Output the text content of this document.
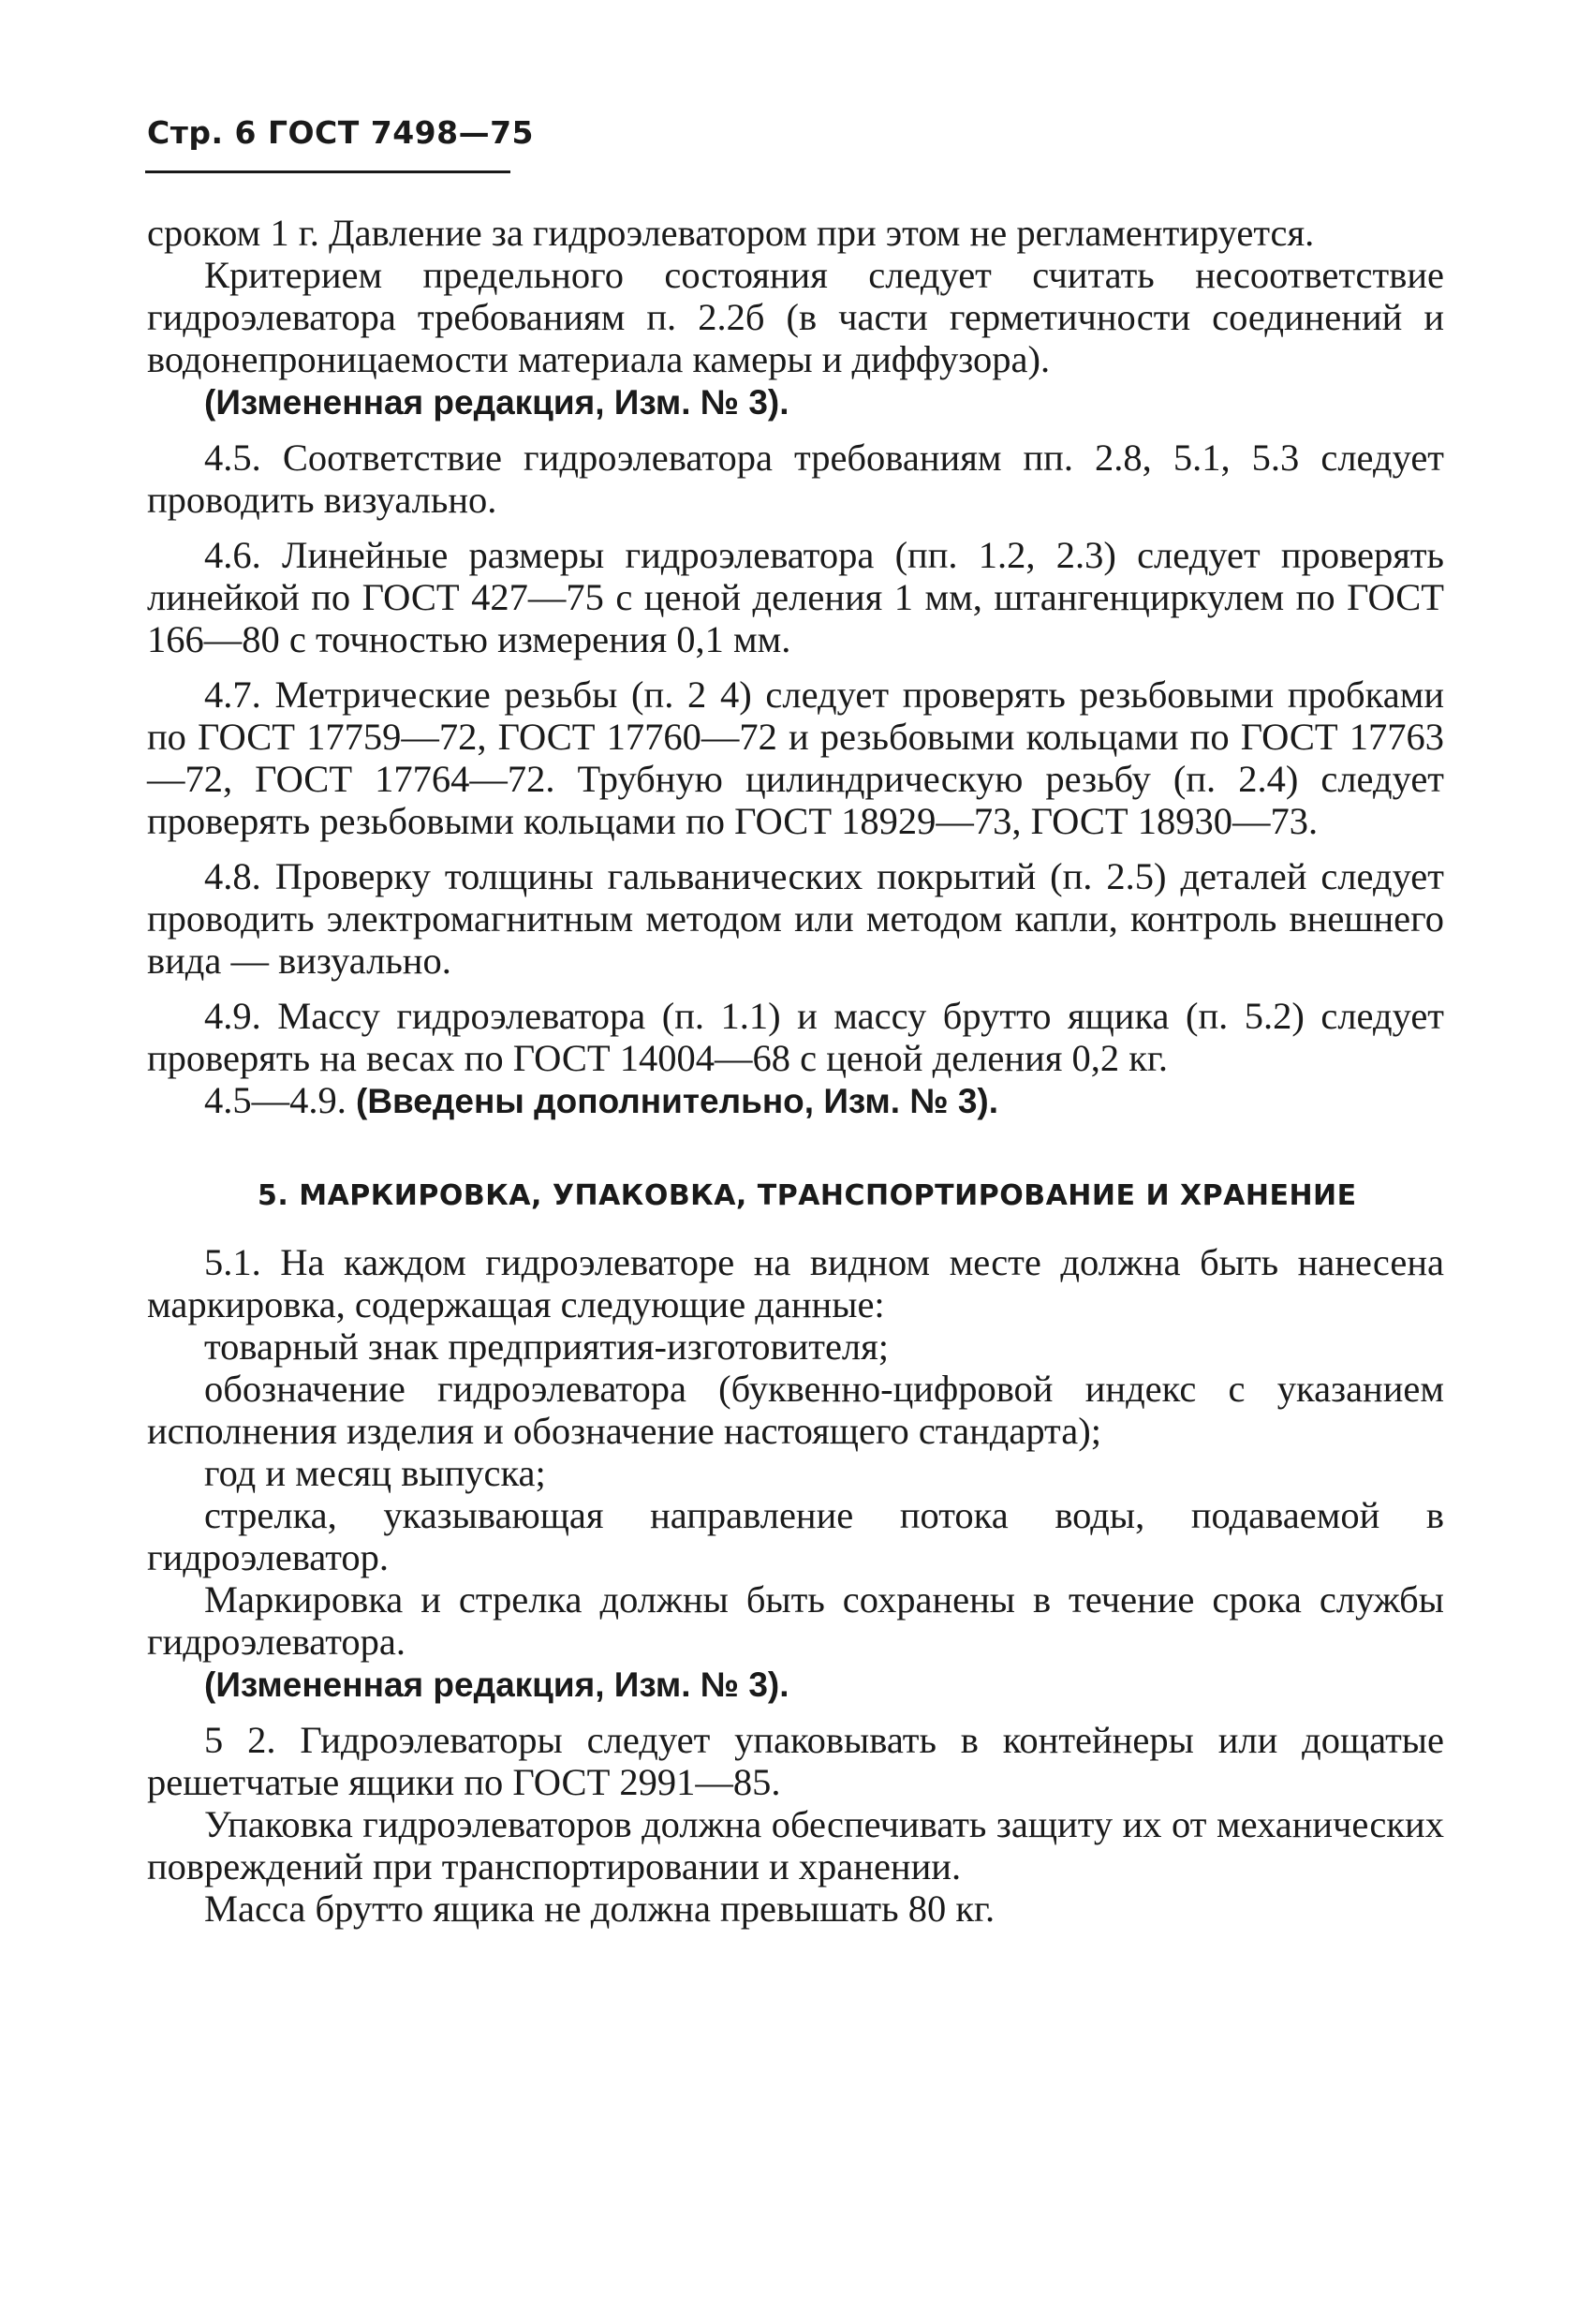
Стр. 6 ГОСТ 7498—75

сроком 1 г. Давление за гидроэлеватором при этом не регламентируется.

Критерием предельного состояния следует считать несоответствие гидроэлеватора требованиям п. 2.2б (в части герметичности соединений и водонепроницаемости материала камеры и диффузора).

(Измененная редакция, Изм. № 3).

4.5. Соответствие гидроэлеватора требованиям пп. 2.8, 5.1, 5.3 следует проводить визуально.

4.6. Линейные размеры гидроэлеватора (пп. 1.2, 2.3) следует проверять линейкой по ГОСТ 427—75 с ценой деления 1 мм, штангенциркулем по ГОСТ 166—80 с точностью измерения 0,1 мм.

4.7. Метрические резьбы (п. 2 4) следует проверять резьбовыми пробками по ГОСТ 17759—72, ГОСТ 17760—72 и резьбовыми кольцами по ГОСТ 17763—72, ГОСТ 17764—72. Трубную цилиндрическую резьбу (п. 2.4) следует проверять резьбовыми кольцами по ГОСТ 18929—73, ГОСТ 18930—73.

4.8. Проверку толщины гальванических покрытий (п. 2.5) деталей следует проводить электромагнитным методом или методом капли, контроль внешнего вида — визуально.

4.9. Массу гидроэлеватора (п. 1.1) и массу брутто ящика (п. 5.2) следует проверять на весах по ГОСТ 14004—68 с ценой деления 0,2 кг.

4.5—4.9. (Введены дополнительно, Изм. № 3).

5. МАРКИРОВКА, УПАКОВКА, ТРАНСПОРТИРОВАНИЕ И ХРАНЕНИЕ

5.1. На каждом гидроэлеваторе на видном месте должна быть нанесена маркировка, содержащая следующие данные:

товарный знак предприятия-изготовителя;

обозначение гидроэлеватора (буквенно-цифровой индекс с указанием исполнения изделия и обозначение настоящего стандарта);

год и месяц выпуска;

стрелка, указывающая направление потока воды, подаваемой в гидроэлеватор.

Маркировка и стрелка должны быть сохранены в течение срока службы гидроэлеватора.

(Измененная редакция, Изм. № 3).

5 2. Гидроэлеваторы следует упаковывать в контейнеры или дощатые решетчатые ящики по ГОСТ 2991—85.

Упаковка гидроэлеваторов должна обеспечивать защиту их от механических повреждений при транспортировании и хранении.

Масса брутто ящика не должна превышать 80 кг.
